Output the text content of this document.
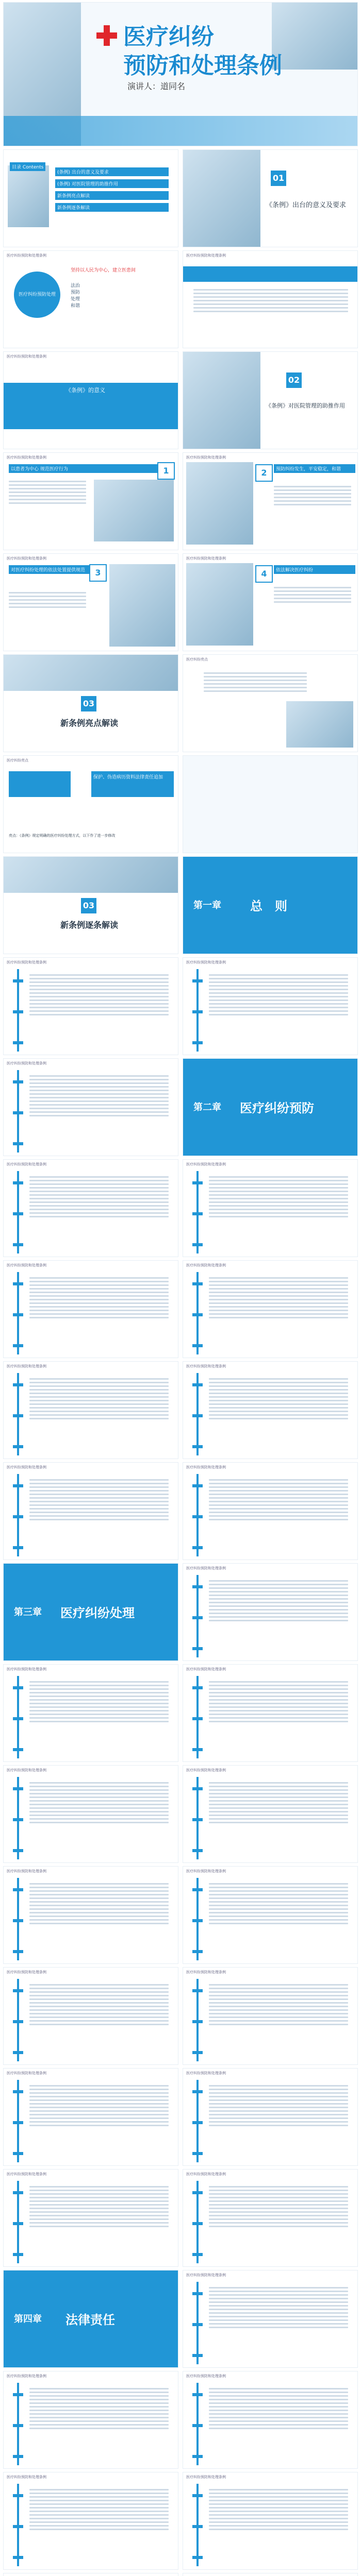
医疗纠纷
预防和处理条例
演讲人：道同名
目录 Contents
(条例) 出台的意义及要求
(条例) 对医院管理的助推作用
新条例亮点解读
新条例逐条解读
01
《条例》出台的意义及要求
医疗纠纷预防和处理条例
医疗纠纷预防处理
坚持以人民为中心，建立医患间
法治
预防
处理
和谐
医疗纠纷预防和处理条例
医疗纠纷预防和处理条例
《条例》的意义
02
《条例》对医院管理的助推作用
医疗纠纷预防和处理条例
以患者为中心 规范医疗行为	1
医疗纠纷预防和处理条例
2	预防纠纷发生，平安稳定，和谐
医疗纠纷预防和处理条例
对医疗纠纷处理的依法处置提供规范	3
医疗纠纷预防和处理条例
4	依法解决医疗纠纷
03
新条例亮点解读
医疗纠纷亮点
医疗纠纷亮点
保护、伪造病历资料法律责任追加
亮点：《条例》规定明确的医疗纠纷处理方式，以下作了进一步修改
03
新条例逐条解读
第一章 总　则
医疗纠纷预防和处理条例	医疗纠纷预防和处理条例
医疗纠纷预防和处理条例
第二章 医疗纠纷预防
医疗纠纷预防和处理条例	医疗纠纷预防和处理条例
医疗纠纷预防和处理条例	医疗纠纷预防和处理条例
医疗纠纷预防和处理条例	医疗纠纷预防和处理条例
医疗纠纷预防和处理条例	医疗纠纷预防和处理条例
第三章 医疗纠纷处理
医疗纠纷预防和处理条例
医疗纠纷预防和处理条例	医疗纠纷预防和处理条例
医疗纠纷预防和处理条例	医疗纠纷预防和处理条例
医疗纠纷预防和处理条例	医疗纠纷预防和处理条例
医疗纠纷预防和处理条例	医疗纠纷预防和处理条例
医疗纠纷预防和处理条例	医疗纠纷预防和处理条例
医疗纠纷预防和处理条例	医疗纠纷预防和处理条例
第四章 法律责任
医疗纠纷预防和处理条例
医疗纠纷预防和处理条例	医疗纠纷预防和处理条例
医疗纠纷预防和处理条例	医疗纠纷预防和处理条例
